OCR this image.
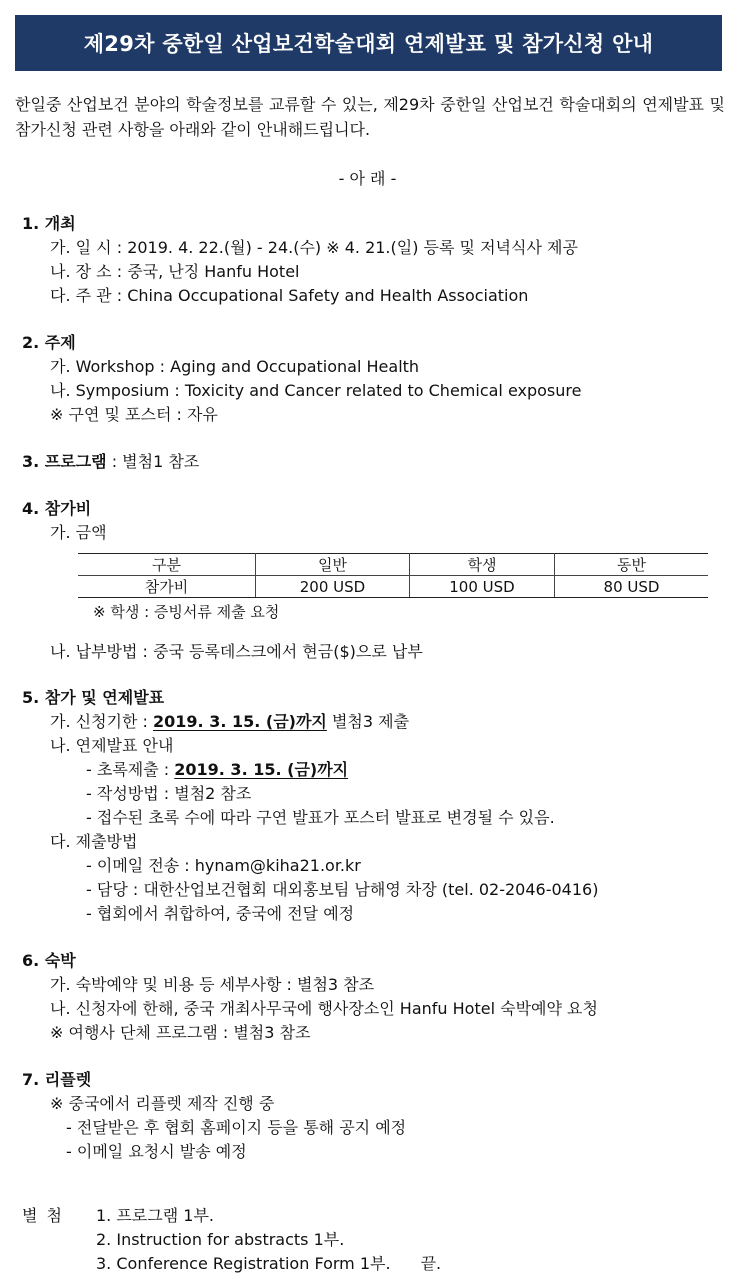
제29차 중한일 산업보건학술대회 연제발표 및 참가신청 안내
한일중 산업보건 분야의 학술정보를 교류할 수 있는, 제29차 중한일 산업보건 학술대회의 연제발표 및 참가신청 관련 사항을 아래와 같이 안내해드립니다.
- 아 래 -
1. 개최
가. 일 시 : 2019. 4. 22.(월) - 24.(수) ※ 4. 21.(일) 등록 및 저녁식사 제공
나. 장 소 : 중국, 난징 Hanfu Hotel
다. 주 관 : China Occupational Safety and Health Association
2. 주제
가. Workshop : Aging and Occupational Health
나. Symposium : Toxicity and Cancer related to Chemical exposure
※ 구연 및 포스터 : 자유
3. 프로그램 : 별첨1 참조
4. 참가비
가. 금액
구분	일반	학생	동반
참가비	200 USD	100 USD	80 USD
※ 학생 : 증빙서류 제출 요청
나. 납부방법 : 중국 등록데스크에서 현금($)으로 납부
5. 참가 및 연제발표
가. 신청기한 : 2019. 3. 15. (금)까지 별첨3 제출
나. 연제발표 안내
- 초록제출 : 2019. 3. 15. (금)까지
- 작성방법 : 별첨2 참조
- 접수된 초록 수에 따라 구연 발표가 포스터 발표로 변경될 수 있음.
다. 제출방법
- 이메일 전송 : hynam@kiha21.or.kr
- 담당 : 대한산업보건협회 대외홍보팀 남해영 차장 (tel. 02-2046-0416)
- 협회에서 취합하여, 중국에 전달 예정
6. 숙박
가. 숙박예약 및 비용 등 세부사항 : 별첨3 참조
나. 신청자에 한해, 중국 개최사무국에 행사장소인 Hanfu Hotel 숙박예약 요청
※ 여행사 단체 프로그램 : 별첨3 참조
7. 리플렛
※ 중국에서 리플렛 제작 진행 중
- 전달받은 후 협회 홈페이지 등을 통해 공지 예정
- 이메일 요청시 발송 예정
별 첨 1. 프로그램 1부.
2. Instruction for abstracts 1부.
3. Conference Registration Form 1부. 끝.
